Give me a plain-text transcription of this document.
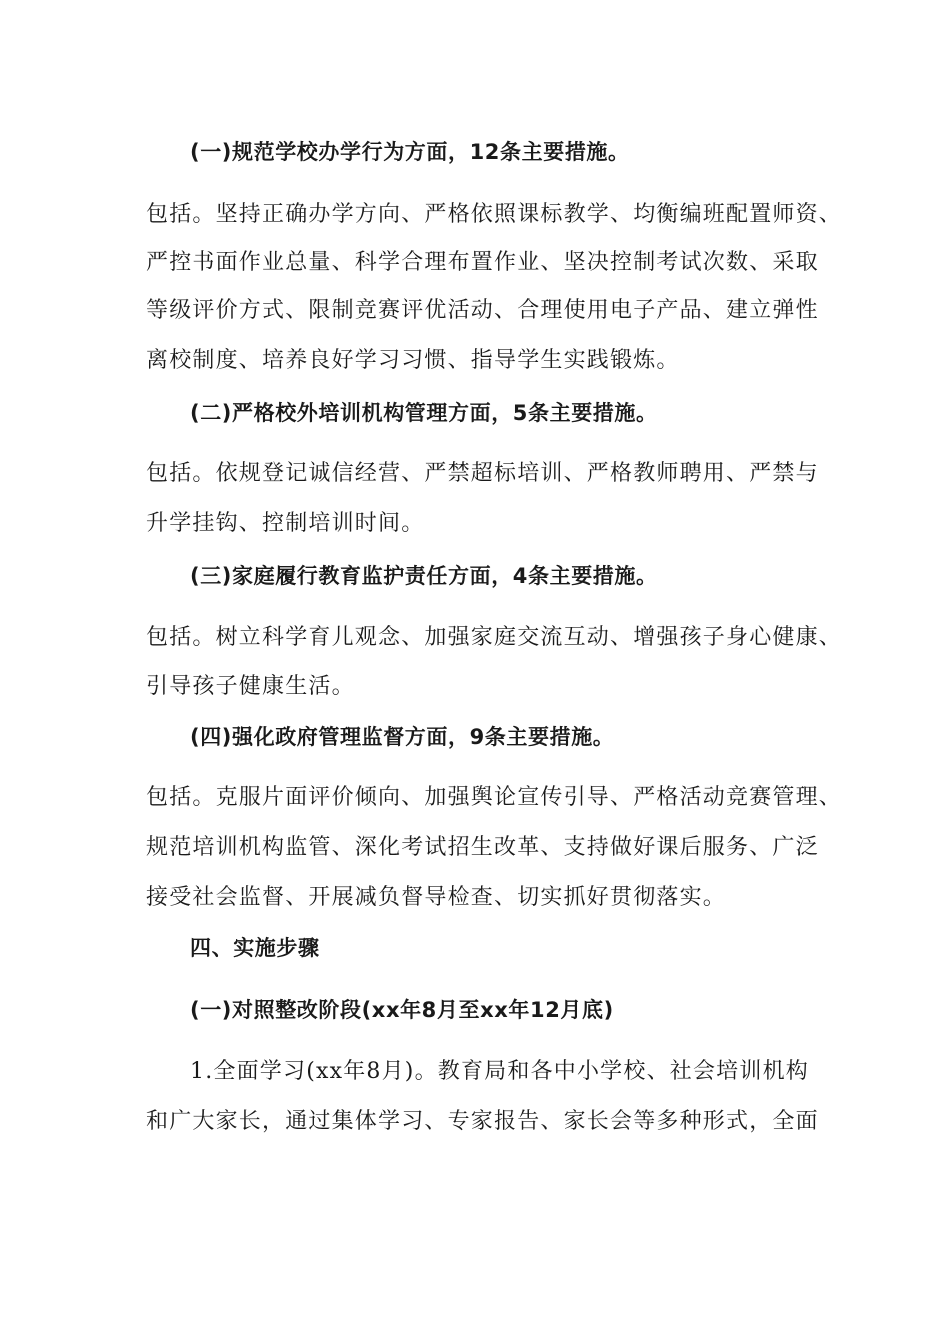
(一)规范学校办学行为方面，12条主要措施。
包括。坚持正确办学方向、严格依照课标教学、均衡编班配置师资、
严控书面作业总量、科学合理布置作业、坚决控制考试次数、采取
等级评价方式、限制竞赛评优活动、合理使用电子产品、建立弹性
离校制度、培养良好学习习惯、指导学生实践锻炼。
(二)严格校外培训机构管理方面，5条主要措施。
包括。依规登记诚信经营、严禁超标培训、严格教师聘用、严禁与
升学挂钩、控制培训时间。
(三)家庭履行教育监护责任方面，4条主要措施。
包括。树立科学育儿观念、加强家庭交流互动、增强孩子身心健康、
引导孩子健康生活。
(四)强化政府管理监督方面，9条主要措施。
包括。克服片面评价倾向、加强舆论宣传引导、严格活动竞赛管理、
规范培训机构监管、深化考试招生改革、支持做好课后服务、广泛
接受社会监督、开展减负督导检查、切实抓好贯彻落实。
四、实施步骤
(一)对照整改阶段(xx年8月至xx年12月底)
1.全面学习(xx年8月)。教育局和各中小学校、社会培训机构
和广大家长，通过集体学习、专家报告、家长会等多种形式，全面
